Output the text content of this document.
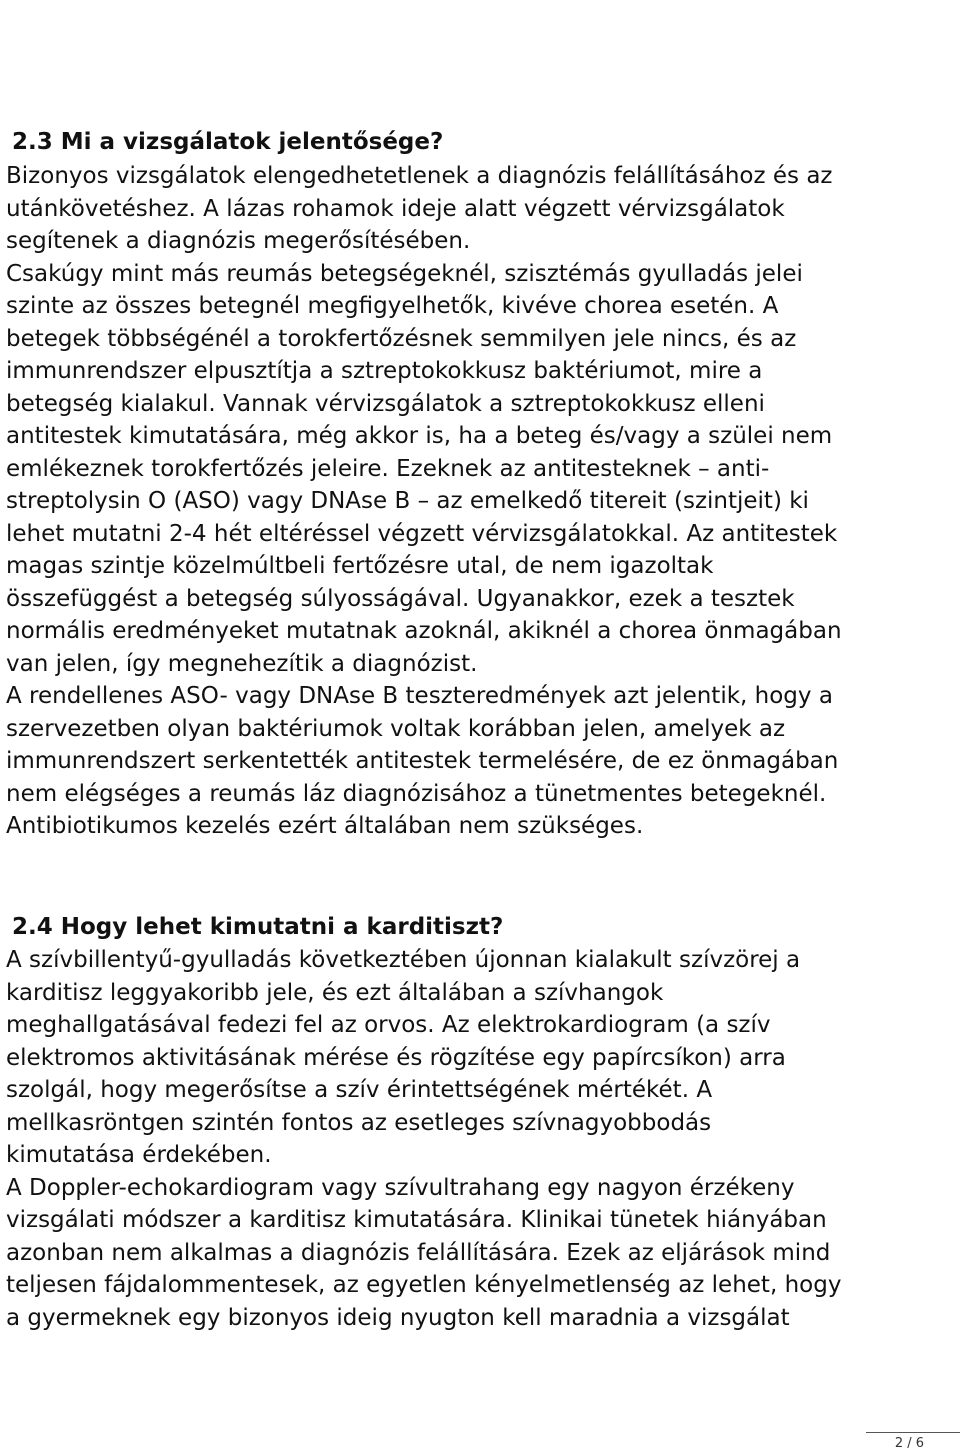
2.3 Mi a vizsgálatok jelentősége?
Bizonyos vizsgálatok elengedhetetlenek a diagnózis felállításához és az
utánkövetéshez. A lázas rohamok ideje alatt végzett vérvizsgálatok
segítenek a diagnózis megerősítésében.
Csakúgy mint más reumás betegségeknél, szisztémás gyulladás jelei
szinte az összes betegnél megfigyelhetők, kivéve chorea esetén. A
betegek többségénél a torokfertőzésnek semmilyen jele nincs, és az
immunrendszer elpusztítja a sztreptokokkusz baktériumot, mire a
betegség kialakul. Vannak vérvizsgálatok a sztreptokokkusz elleni
antitestek kimutatására, még akkor is, ha a beteg és/vagy a szülei nem
emlékeznek torokfertőzés jeleire. Ezeknek az antitesteknek – anti-
streptolysin O (ASO) vagy DNAse B – az emelkedő titereit (szintjeit) ki
lehet mutatni 2-4 hét eltéréssel végzett vérvizsgálatokkal. Az antitestek
magas szintje közelmúltbeli fertőzésre utal, de nem igazoltak
összefüggést a betegség súlyosságával. Ugyanakkor, ezek a tesztek
normális eredményeket mutatnak azoknál, akiknél a chorea önmagában
van jelen, így megnehezítik a diagnózist.
A rendellenes ASO- vagy DNAse B teszteredmények azt jelentik, hogy a
szervezetben olyan baktériumok voltak korábban jelen, amelyek az
immunrendszert serkentették antitestek termelésére, de ez önmagában
nem elégséges a reumás láz diagnózisához a tünetmentes betegeknél.
Antibiotikumos kezelés ezért általában nem szükséges.
2.4 Hogy lehet kimutatni a karditiszt?
A szívbillentyű-gyulladás következtében újonnan kialakult szívzörej a
karditisz leggyakoribb jele, és ezt általában a szívhangok
meghallgatásával fedezi fel az orvos. Az elektrokardiogram (a szív
elektromos aktivitásának mérése és rögzítése egy papírcsíkon) arra
szolgál, hogy megerősítse a szív érintettségének mértékét. A
mellkasröntgen szintén fontos az esetleges szívnagyobbodás
kimutatása érdekében.
A Doppler-echokardiogram vagy szívultrahang egy nagyon érzékeny
vizsgálati módszer a karditisz kimutatására. Klinikai tünetek hiányában
azonban nem alkalmas a diagnózis felállítására. Ezek az eljárások mind
teljesen fájdalommentesek, az egyetlen kényelmetlenség az lehet, hogy
a gyermeknek egy bizonyos ideig nyugton kell maradnia a vizsgálat
2 / 6
